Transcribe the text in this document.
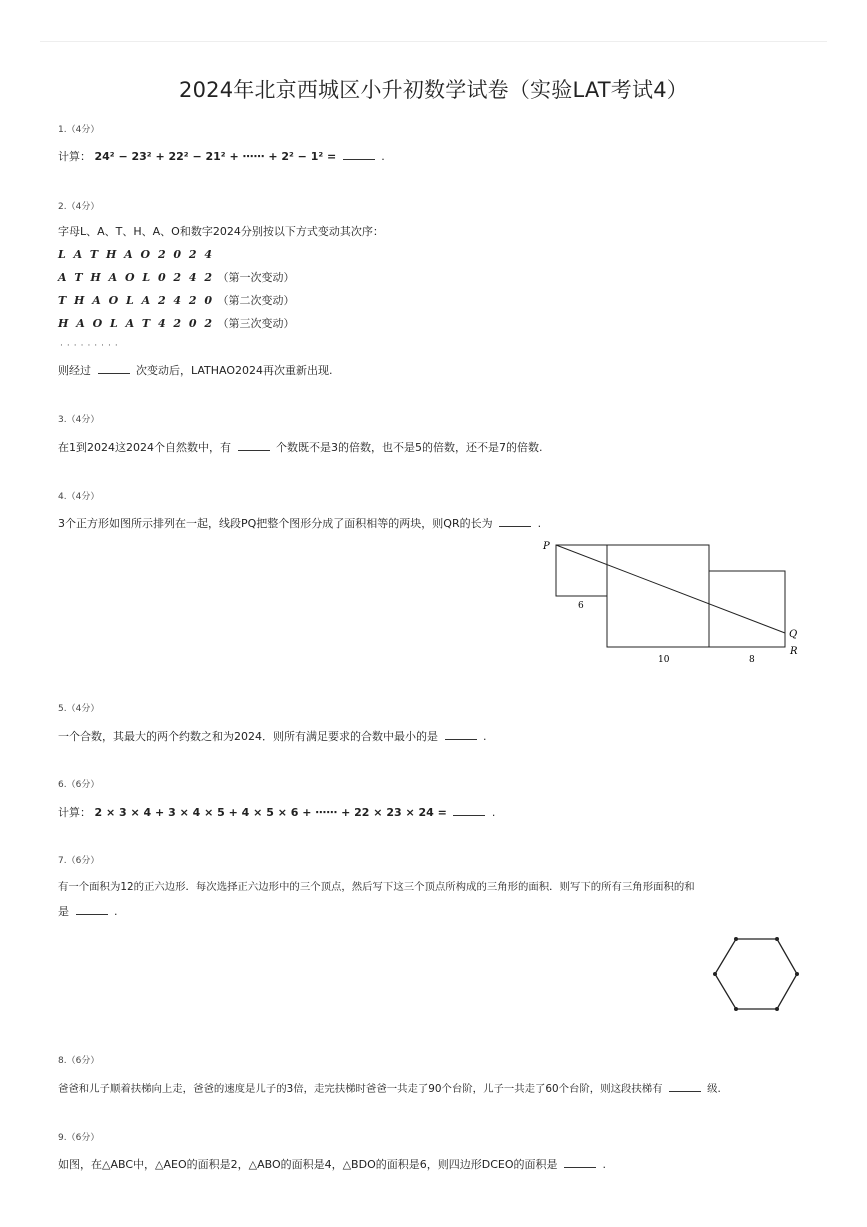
2024年北京西城区小升初数学试卷（实验LAT考试4）
1.（4分）
计算： 24² − 23² + 22² − 21² + ⋯⋯ + 2² − 1² =	.
2.（4分）
字母L、A、T、H、A、O和数字2024分别按以下方式变动其次序：
L A T H A O 2 0 2 4
A T H A O L 0 2 4 2 （第一次变动）
T H A O L A 2 4 2 0 （第二次变动）
H A O L A T 4 2 0 2 （第三次变动）
·········
则经过	次变动后，LATHAO2024再次重新出现.
3.（4分）
在1到2024这2024个自然数中，有	个数既不是3的倍数，也不是5的倍数，还不是7的倍数.
4.（4分）
3个正方形如图所示排列在一起，线段PQ把整个图形分成了面积相等的两块，则QR的长为	.
P
Q
R
6
10	8
5.（4分）
一个合数，其最大的两个约数之和为2024．则所有满足要求的合数中最小的是	.
6.（6分）
计算： 2 × 3 × 4 + 3 × 4 × 5 + 4 × 5 × 6 + ⋯⋯ + 22 × 23 × 24 =	.
7.（6分）
有一个面积为12的正六边形．每次选择正六边形中的三个顶点，然后写下这三个顶点所构成的三角形的面积．则写下的所有三角形面积的和
是	.
8.（6分）
爸爸和儿子顺着扶梯向上走，爸爸的速度是儿子的3倍，走完扶梯时爸爸一共走了90个台阶，儿子一共走了60个台阶，则这段扶梯有	级.
9.（6分）
如图，在△ABC中，△AEO的面积是2，△ABO的面积是4，△BDO的面积是6，则四边形DCEO的面积是	.
